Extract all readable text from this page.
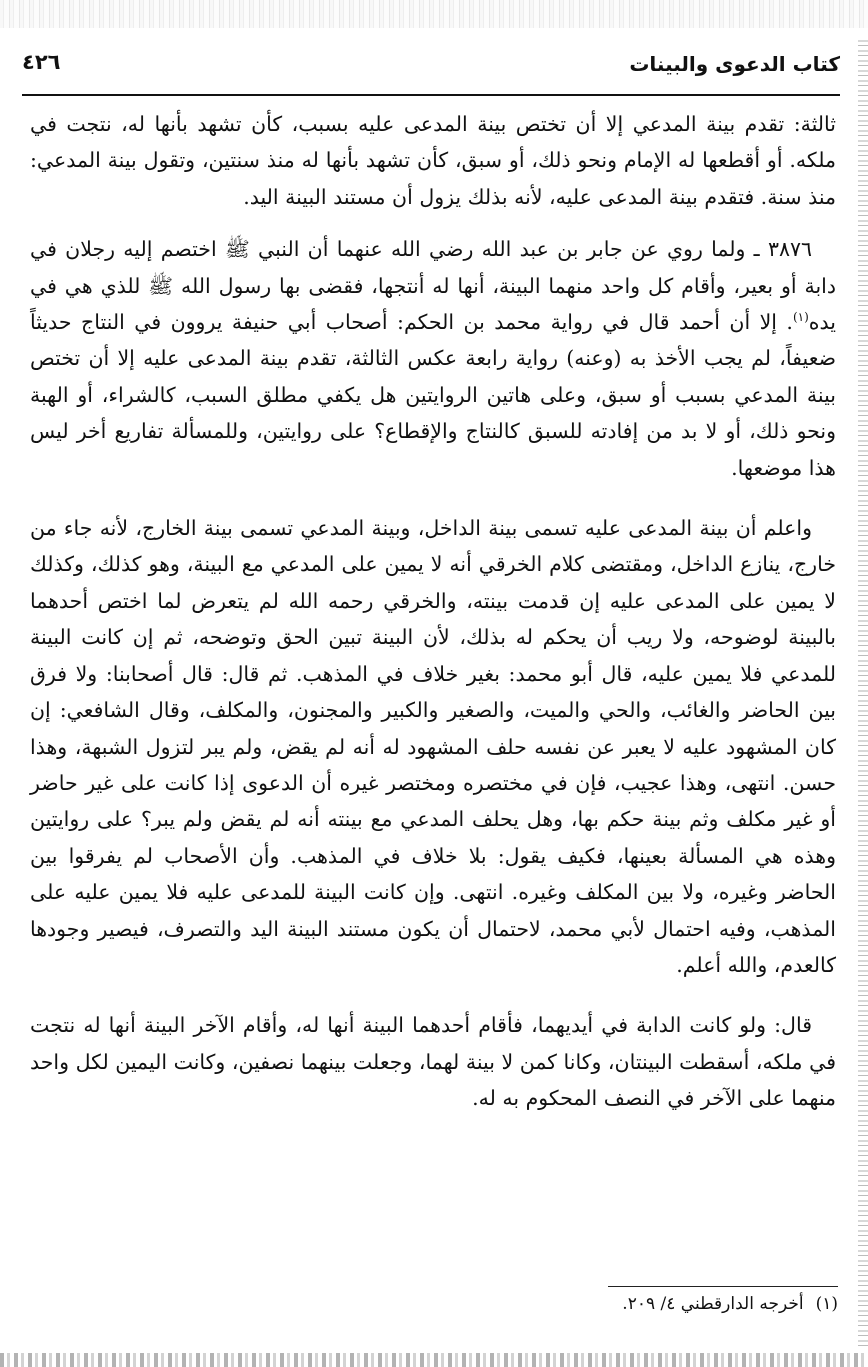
كتاب الدعوى والبينات
٤٢٦

ثالثة: تقدم بينة المدعي إلا أن تختص بينة المدعى عليه بسبب، كأن تشهد بأنها له، نتجت في ملكه. أو أقطعها له الإمام ونحو ذلك، أو سبق، كأن تشهد بأنها له منذ سنتين، وتقول بينة المدعي: منذ سنة. فتقدم بينة المدعى عليه، لأنه بذلك يزول أن مستند البينة اليد.

٣٨٧٦ ـ ولما روي عن جابر بن عبد الله رضي الله عنهما أن النبي ﷺ اختصم إليه رجلان في دابة أو بعير، وأقام كل واحد منهما البينة، أنها له أنتجها، فقضى بها رسول الله ﷺ للذي هي في يده$^{(١)}$. إلا أن أحمد قال في رواية محمد بن الحكم: أصحاب أبي حنيفة يروون في النتاج حديثاً ضعيفاً، لم يجب الأخذ به (وعنه) رواية رابعة عكس الثالثة، تقدم بينة المدعى عليه إلا أن تختص بينة المدعي بسبب أو سبق، وعلى هاتين الروايتين هل يكفي مطلق السبب، كالشراء، أو الهبة ونحو ذلك، أو لا بد من إفادته للسبق كالنتاج والإقطاع؟ على روايتين، وللمسألة تفاريع أخر ليس هذا موضعها.

واعلم أن بينة المدعى عليه تسمى بينة الداخل، وبينة المدعي تسمى بينة الخارج، لأنه جاء من خارج، ينازع الداخل، ومقتضى كلام الخرقي أنه لا يمين على المدعي مع البينة، وهو كذلك، وكذلك لا يمين على المدعى عليه إن قدمت بينته، والخرقي رحمه الله لم يتعرض لما اختص أحدهما بالبينة لوضوحه، ولا ريب أن يحكم له بذلك، لأن البينة تبين الحق وتوضحه، ثم إن كانت البينة للمدعي فلا يمين عليه، قال أبو محمد: بغير خلاف في المذهب. ثم قال: قال أصحابنا: ولا فرق بين الحاضر والغائب، والحي والميت، والصغير والكبير والمجنون، والمكلف، وقال الشافعي: إن كان المشهود عليه لا يعبر عن نفسه حلف المشهود له أنه لم يقض، ولم يبر لتزول الشبهة، وهذا حسن. انتهى، وهذا عجيب، فإن في مختصره ومختصر غيره أن الدعوى إذا كانت على غير حاضر أو غير مكلف وثم بينة حكم بها، وهل يحلف المدعي مع بينته أنه لم يقض ولم يبر؟ على روايتين وهذه هي المسألة بعينها، فكيف يقول: بلا خلاف في المذهب. وأن الأصحاب لم يفرقوا بين الحاضر وغيره، ولا بين المكلف وغيره. انتهى. وإن كانت البينة للمدعى عليه فلا يمين عليه على المذهب، وفيه احتمال لأبي محمد، لاحتمال أن يكون مستند البينة اليد والتصرف، فيصير وجودها كالعدم، والله أعلم.

قال: ولو كانت الدابة في أيديهما، فأقام أحدهما البينة أنها له، وأقام الآخر البينة أنها له نتجت في ملكه، أسقطت البينتان، وكانا كمن لا بينة لهما، وجعلت بينهما نصفين، وكانت اليمين لكل واحد منهما على الآخر في النصف المحكوم به له.

(١)أخرجه الدارقطني ٤/ ٢٠٩.
